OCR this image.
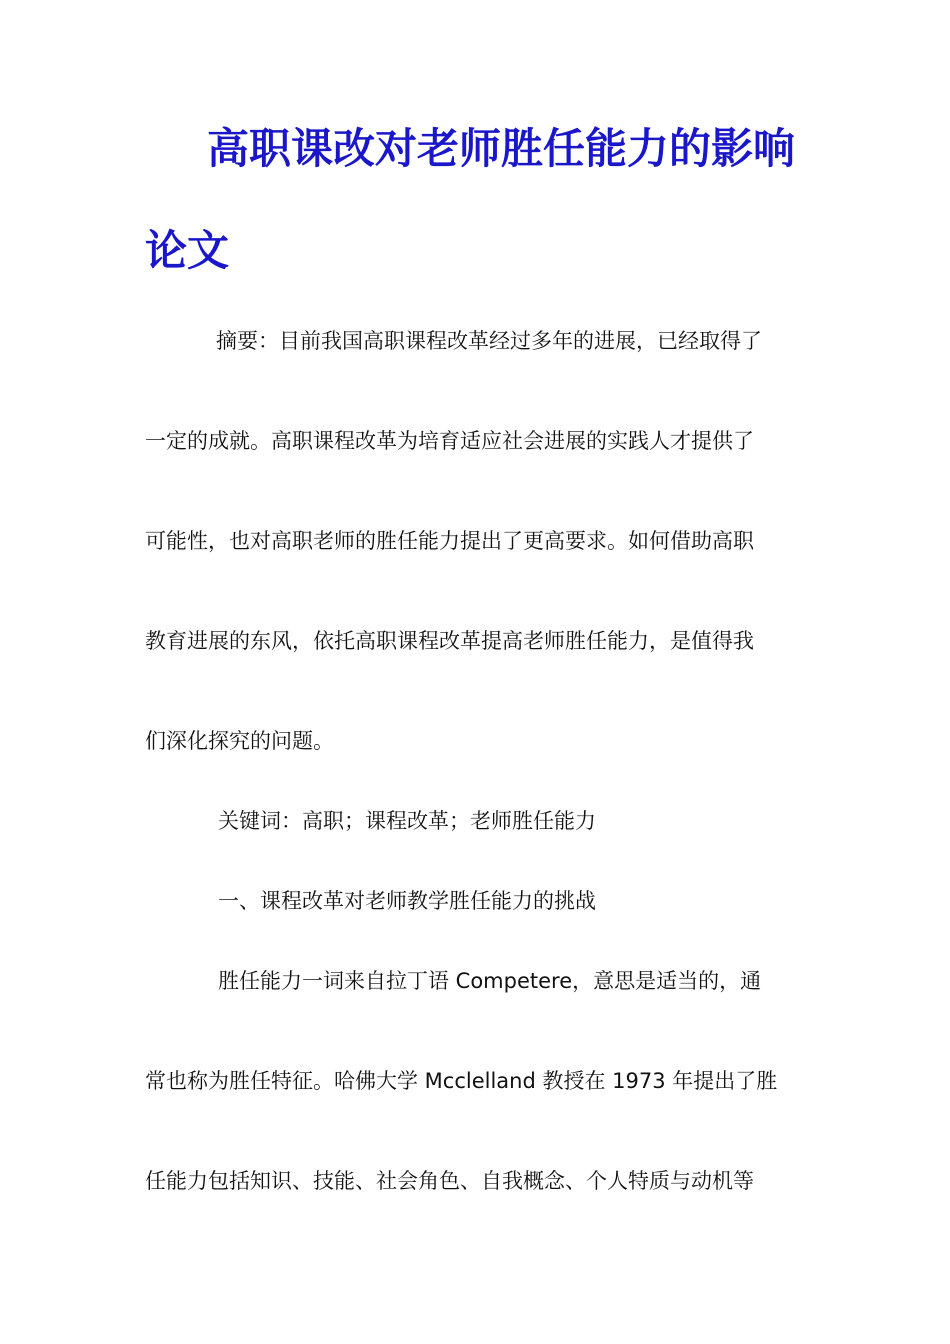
高职课改对老师胜任能力的影响
论文
摘要：目前我国高职课程改革经过多年的进展，已经取得了
一定的成就。高职课程改革为培育适应社会进展的实践人才提供了
可能性，也对高职老师的胜任能力提出了更高要求。如何借助高职
教育进展的东风，依托高职课程改革提高老师胜任能力，是值得我
们深化探究的问题。
关键词：高职；课程改革；老师胜任能力
一、课程改革对老师教学胜任能力的挑战
胜任能力一词来自拉丁语 Competere，意思是适当的，通
常也称为胜任特征。哈佛大学 Mcclelland 教授在 1973 年提出了胜
任能力包括知识、技能、社会角色、自我概念、个人特质与动机等
